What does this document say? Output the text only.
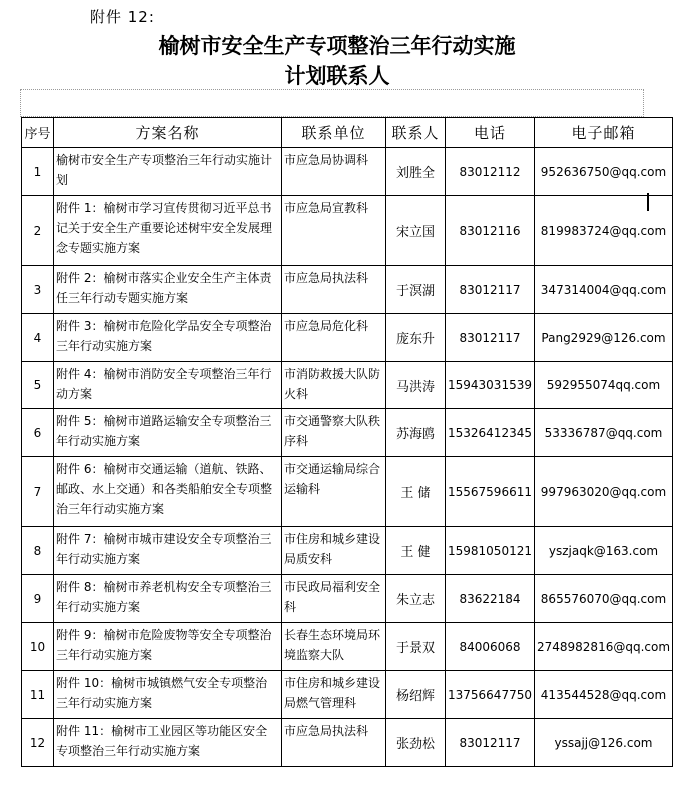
附件 12:
榆树市安全生产专项整治三年行动实施
计划联系人
序号	方案名称	联系单位	联系人	电话	电子邮箱
1	榆树市安全生产专项整治三年行动实施计划	市应急局协调科	刘胜全	83012112	952636750@qq.com
2	附件 1：榆树市学习宣传贯彻习近平总书记关于安全生产重要论述树牢安全发展理念专题实施方案	市应急局宣教科	宋立国	83012116	819983724@qq.com
3	附件 2：榆树市落实企业安全生产主体责任三年行动专题实施方案	市应急局执法科	于溟湖	83012117	347314004@qq.com
4	附件 3：榆树市危险化学品安全专项整治三年行动实施方案	市应急局危化科	庞东升	83012117	Pang2929@126.com
5	附件 4：榆树市消防安全专项整治三年行动方案	市消防救援大队防火科	马洪涛	15943031539	592955074qq.com
6	附件 5：榆树市道路运输安全专项整治三年行动实施方案	市交通警察大队秩序科	苏海鸥	15326412345	53336787@qq.com
7	附件 6：榆树市交通运输（道航、铁路、邮政、水上交通）和各类船舶安全专项整治三年行动实施方案	市交通运输局综合运输科	王 储	15567596611	997963020@qq.com
8	附件 7：榆树市城市建设安全专项整治三年行动实施方案	市住房和城乡建设局质安科	王 健	15981050121	yszjaqk@163.com
9	附件 8：榆树市养老机构安全专项整治三年行动实施方案	市民政局福利安全科	朱立志	83622184	865576070@qq.com
10	附件 9：榆树市危险废物等安全专项整治三年行动实施方案	长春生态环境局环境监察大队	于景双	84006068	2748982816@qq.com
11	附件 10：榆树市城镇燃气安全专项整治三年行动实施方案	市住房和城乡建设局燃气管理科	杨绍辉	13756647750	413544528@qq.com
12	附件 11：榆树市工业园区等功能区安全专项整治三年行动实施方案	市应急局执法科	张劲松	83012117	yssajj@126.com
